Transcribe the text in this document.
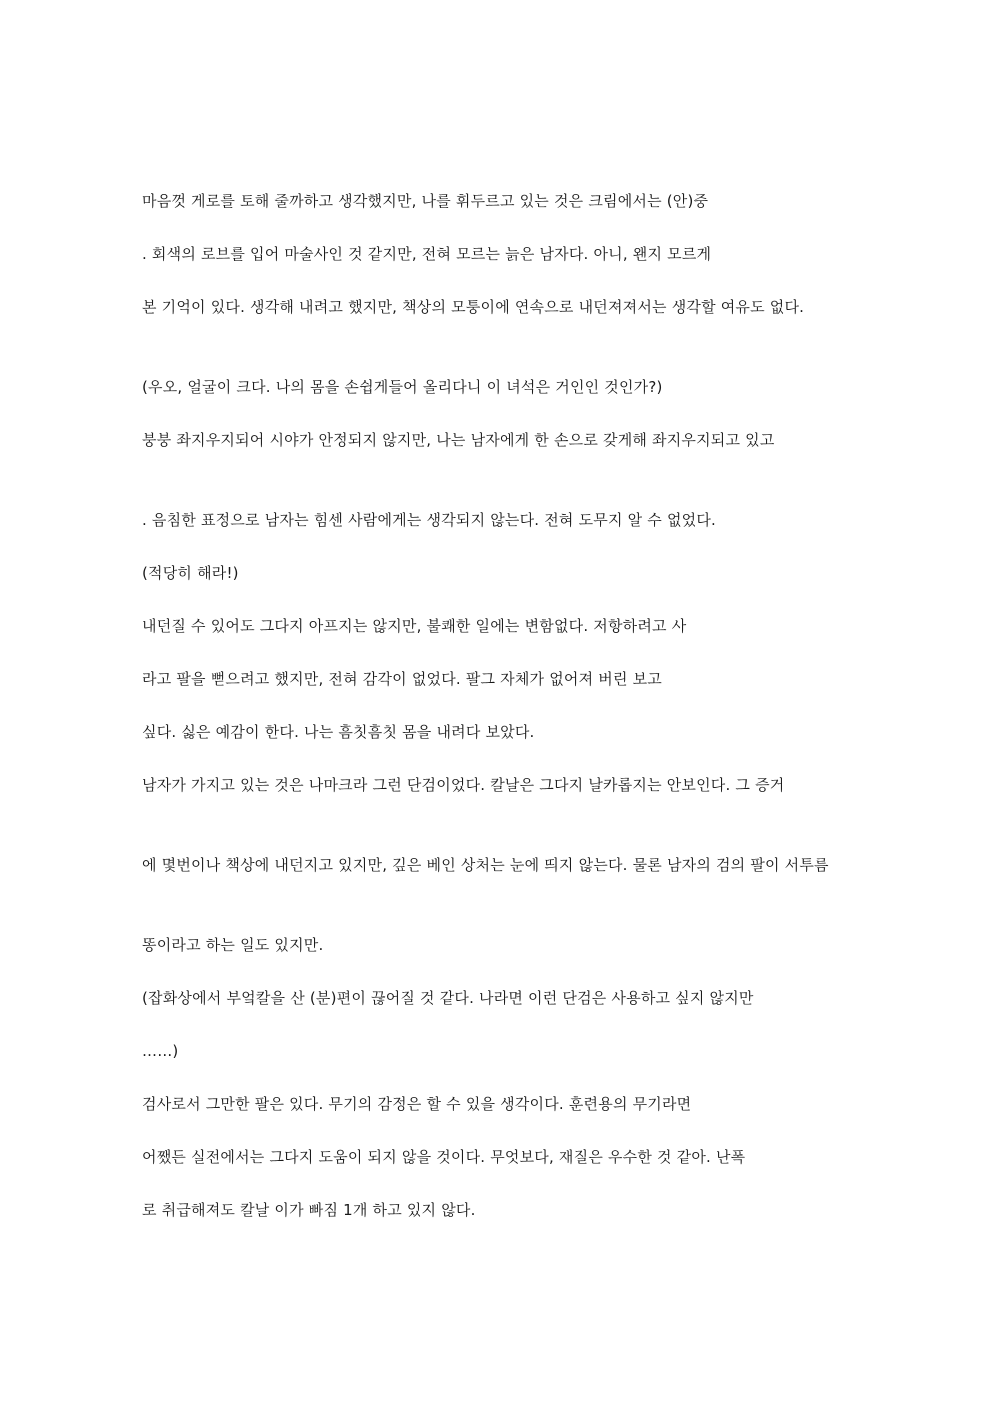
마음껏 게로를 토해 줄까하고 생각했지만, 나를 휘두르고 있는 것은 크림에서는 (안)중

. 회색의 로브를 입어 마술사인 것 같지만, 전혀 모르는 늙은 남자다. 아니, 왠지 모르게

본 기억이 있다. 생각해 내려고 했지만, 책상의 모퉁이에 연속으로 내던져져서는 생각할 여유도 없다.

(우오, 얼굴이 크다. 나의 몸을 손쉽게들어 올리다니 이 녀석은 거인인 것인가?)

붕붕 좌지우지되어 시야가 안정되지 않지만, 나는 남자에게 한 손으로 갖게해 좌지우지되고 있고

. 음침한 표정으로 남자는 힘센 사람에게는 생각되지 않는다. 전혀 도무지 알 수 없었다.

(적당히 해라!)

내던질 수 있어도 그다지 아프지는 않지만, 불쾌한 일에는 변함없다. 저항하려고 사

라고 팔을 뻗으려고 했지만, 전혀 감각이 없었다. 팔그 자체가 없어져 버린 보고

싶다. 싫은 예감이 한다. 나는 흠칫흠칫 몸을 내려다 보았다.

남자가 가지고 있는 것은 나마크라 그런 단검이었다. 칼날은 그다지 날카롭지는 안보인다. 그 증거

에 몇번이나 책상에 내던지고 있지만, 깊은 베인 상처는 눈에 띄지 않는다. 물론 남자의 검의 팔이 서투름

똥이라고 하는 일도 있지만.

(잡화상에서 부엌칼을 산 (분)편이 끊어질 것 같다. 나라면 이런 단검은 사용하고 싶지 않지만

……)

검사로서 그만한 팔은 있다. 무기의 감정은 할 수 있을 생각이다. 훈련용의 무기라면

어쨌든 실전에서는 그다지 도움이 되지 않을 것이다. 무엇보다, 재질은 우수한 것 같아. 난폭

로 취급해져도 칼날 이가 빠짐 1개 하고 있지 않다.
